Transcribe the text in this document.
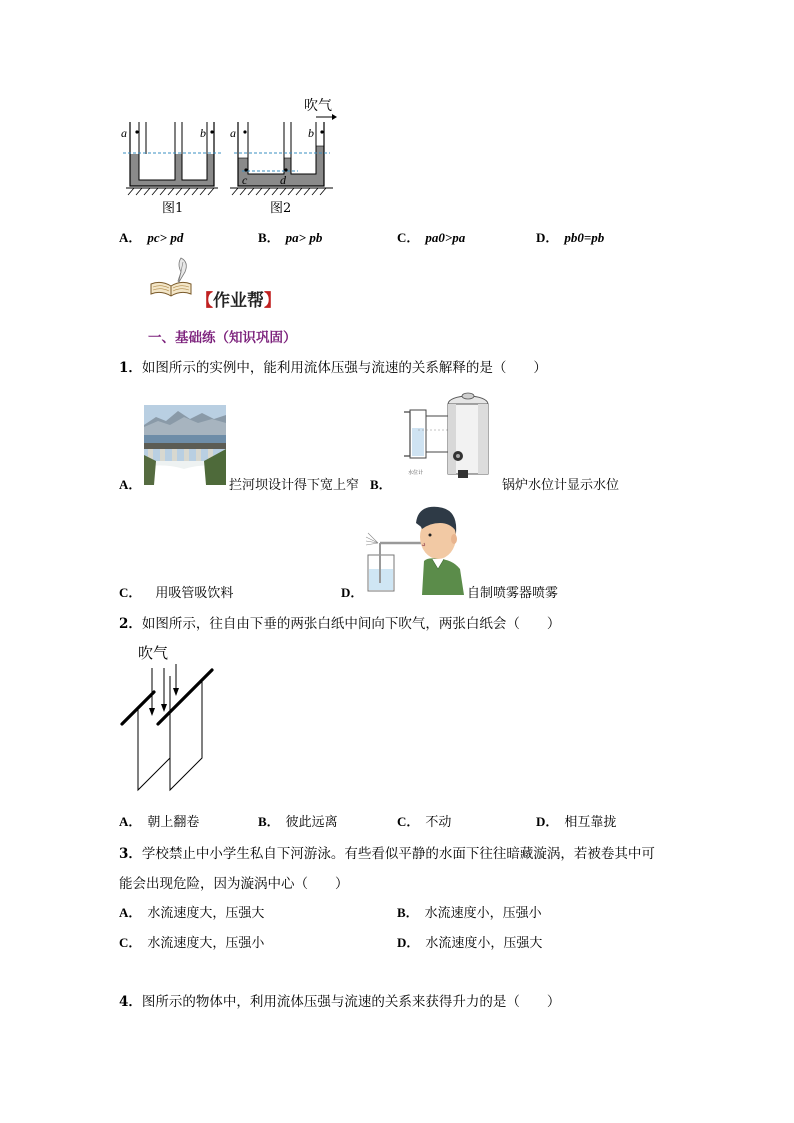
a	b
图1
a	b
c	d
图2
吹气
A． pc> pd	B． pa> pb	C． pa0>pa	D． pb0=pb
【作业帮】
一、基础练（知识巩固）
1．如图所示的实例中，能利用流体压强与流速的关系解释的是（　　）
A．	拦河坝设计得下宽上窄 B．
水位计
锅炉水位计显示水位
C． 用吸管吸饮料	D．	自制喷雾器喷雾
2．如图所示，往自由下垂的两张白纸中间向下吹气，两张白纸会（　　）
吹气
A． 朝上翻卷	B． 彼此远离	C． 不动	D． 相互靠拢
3．学校禁止中小学生私自下河游泳。有些看似平静的水面下往往暗藏漩涡，若被卷其中可
能会出现危险，因为漩涡中心（　　）
A． 水流速度大，压强大	B． 水流速度小，压强小
C． 水流速度大，压强小	D． 水流速度小，压强大
4．图所示的物体中，利用流体压强与流速的关系来获得升力的是（　　）
